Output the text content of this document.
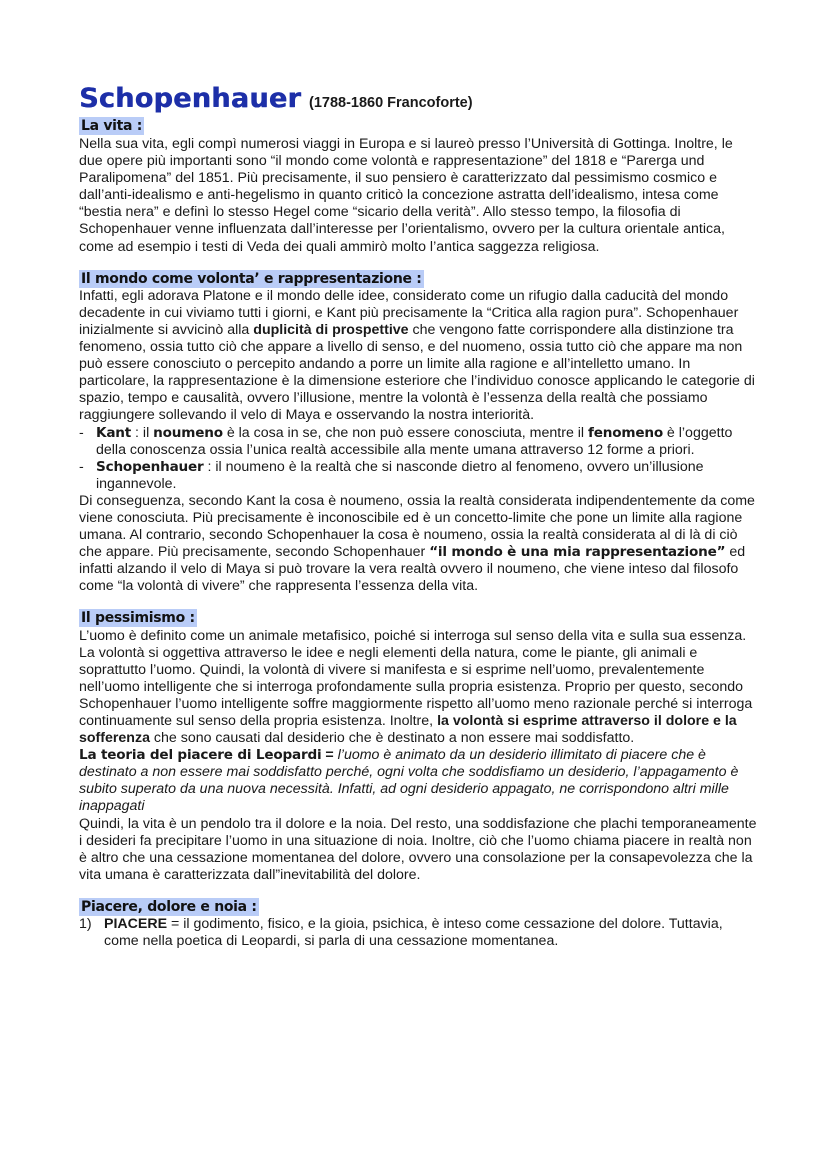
Schopenhauer (1788-1860 Francoforte)
La vita :

Nella sua vita, egli compì numerosi viaggi in Europa e si laureò presso l’Università di Gottinga. Inoltre, le due opere più importanti sono “il mondo come volontà e rappresentazione” del 1818 e “Parerga und Paralipomena” del 1851. Più precisamente, il suo pensiero è caratterizzato dal pessimismo cosmico e dall’anti-idealismo e anti-hegelismo in quanto criticò la concezione astratta dell’idealismo, intesa come “bestia nera” e definì lo stesso Hegel come “sicario della verità”. Allo stesso tempo, la filosofia di Schopenhauer venne influenzata dall’interesse per l’orientalismo, ovvero per la cultura orientale antica, come ad esempio i testi di Veda dei quali ammirò molto l’antica saggezza religiosa.

Il mondo come volonta’ e rappresentazione :

Infatti, egli adorava Platone e il mondo delle idee, considerato come un rifugio dalla caducità del mondo decadente in cui viviamo tutti i giorni, e Kant più precisamente la “Critica alla ragion pura”. Schopenhauer inizialmente si avvicinò alla duplicità di prospettive che vengono fatte corrispondere alla distinzione tra fenomeno, ossia tutto ciò che appare a livello di senso, e del nuomeno, ossia tutto ciò che appare ma non può essere conosciuto o percepito andando a porre un limite alla ragione e all’intelletto umano. In particolare, la rappresentazione è la dimensione esteriore che l’individuo conosce applicando le categorie di spazio, tempo e causalità, ovvero l’illusione, mentre la volontà è l’essenza della realtà che possiamo raggiungere sollevando il velo di Maya e osservando la nostra interiorità.

- Kant : il noumeno è la cosa in se, che non può essere conosciuta, mentre il fenomeno è l’oggetto della conoscenza ossia l’unica realtà accessibile alla mente umana attraverso 12 forme a priori.
- Schopenhauer : il noumeno è la realtà che si nasconde dietro al fenomeno, ovvero un’illusione ingannevole.

Di conseguenza, secondo Kant la cosa è noumeno, ossia la realtà considerata indipendentemente da come viene conosciuta. Più precisamente è inconoscibile ed è un concetto-limite che pone un limite alla ragione umana. Al contrario, secondo Schopenhauer la cosa è noumeno, ossia la realtà considerata al di là di ciò che appare. Più precisamente, secondo Schopenhauer “il mondo è una mia rappresentazione” ed infatti alzando il velo di Maya si può trovare la vera realtà ovvero il noumeno, che viene inteso dal filosofo come “la volontà di vivere” che rappresenta l’essenza della vita.

Il pessimismo :

L’uomo è definito come un animale metafisico, poiché si interroga sul senso della vita e sulla sua essenza. La volontà si oggettiva attraverso le idee e negli elementi della natura, come le piante, gli animali e soprattutto l’uomo. Quindi, la volontà di vivere si manifesta e si esprime nell’uomo, prevalentemente nell’uomo intelligente che si interroga profondamente sulla propria esistenza. Proprio per questo, secondo Schopenhauer l’uomo intelligente soffre maggiormente rispetto all’uomo meno razionale perché si interroga continuamente sul senso della propria esistenza. Inoltre, la volontà si esprime attraverso il dolore e la sofferenza che sono causati dal desiderio che è destinato a non essere mai soddisfatto.

La teoria del piacere di Leopardi = l’uomo è animato da un desiderio illimitato di piacere che è destinato a non essere mai soddisfatto perché, ogni volta che soddisfiamo un desiderio, l’appagamento è subito superato da una nuova necessità. Infatti, ad ogni desiderio appagato, ne corrispondono altri mille inappagati

Quindi, la vita è un pendolo tra il dolore e la noia. Del resto, una soddisfazione che plachi temporaneamente i desideri fa precipitare l’uomo in una situazione di noia. Inoltre, ciò che l’uomo chiama piacere in realtà non è altro che una cessazione momentanea del dolore, ovvero una consolazione per la consapevolezza che la vita umana è caratterizzata dall”inevitabilità del dolore.

Piacere, dolore e noia :
1) PIACERE = il godimento, fisico, e la gioia, psichica, è inteso come cessazione del dolore. Tuttavia, come nella poetica di Leopardi, si parla di una cessazione momentanea.
